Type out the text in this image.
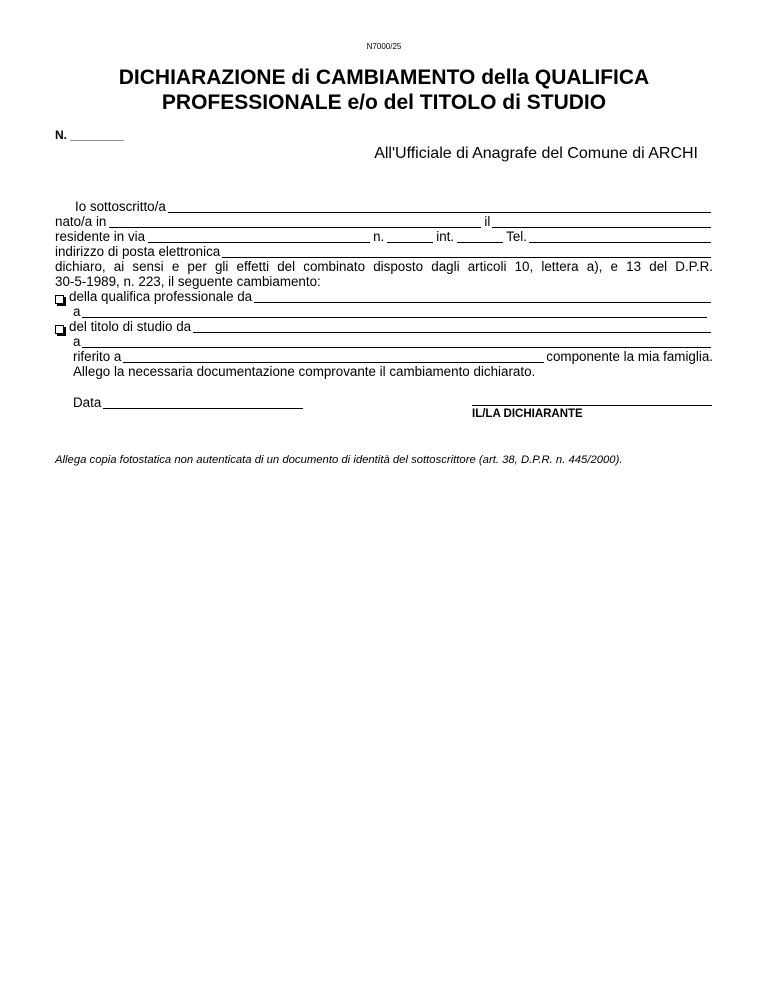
N7000/25
DICHIARAZIONE di CAMBIAMENTO della QUALIFICA
PROFESSIONALE e/o del TITOLO di STUDIO
N. ________
All'Ufficiale di Anagrafe del Comune di ARCHI
Io sottoscritto/a
nato/a in	il
residente in via	n.	int.	Tel.
indirizzo di posta elettronica
dichiaro, ai sensi e per gli effetti del combinato disposto dagli articoli 10, lettera a), e 13 del D.P.R.
30-5-1989, n. 223, il seguente cambiamento:
della qualifica professionale da
a
del titolo di studio da
a
riferito a	componente la mia famiglia.
Allego la necessaria documentazione comprovante il cambiamento dichiarato.
Data
IL/LA DICHIARANTE
Allega copia fotostatica non autenticata di un documento di identità del sottoscrittore (art. 38, D.P.R. n. 445/2000).
